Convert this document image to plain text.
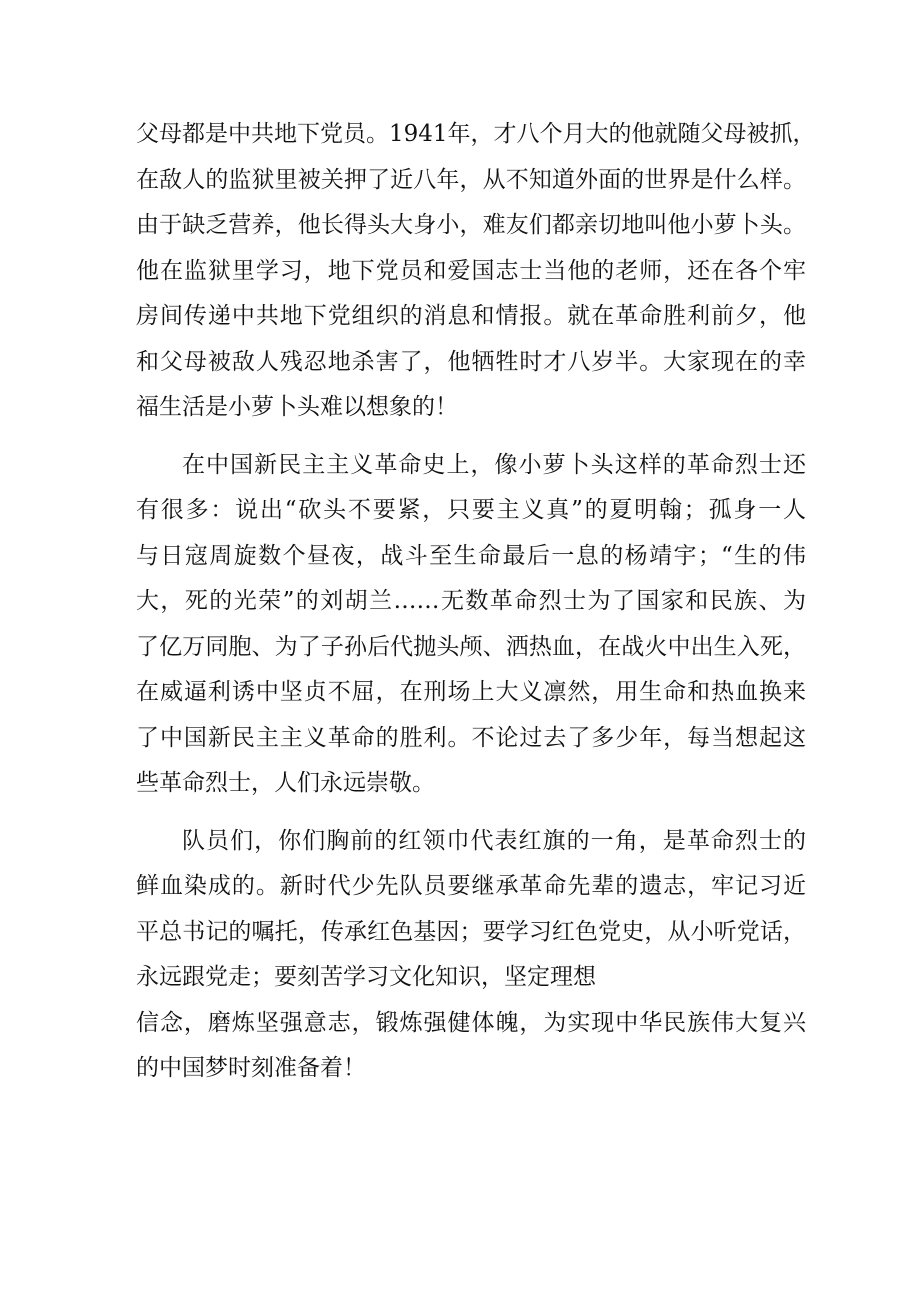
父母都是中共地下党员。1941年，才八个月大的他就随父母被抓，
在敌人的监狱里被关押了近八年，从不知道外面的世界是什么样。
由于缺乏营养，他长得头大身小，难友们都亲切地叫他小萝卜头。
他在监狱里学习，地下党员和爱国志士当他的老师，还在各个牢
房间传递中共地下党组织的消息和情报。就在革命胜利前夕，他
和父母被敌人残忍地杀害了，他牺牲时才八岁半。大家现在的幸
福生活是小萝卜头难以想象的！
在中国新民主主义革命史上，像小萝卜头这样的革命烈士还
有很多：说出“砍头不要紧，只要主义真”的夏明翰；孤身一人
与日寇周旋数个昼夜，战斗至生命最后一息的杨靖宇；“生的伟
大，死的光荣”的刘胡兰……无数革命烈士为了国家和民族、为
了亿万同胞、为了子孙后代抛头颅、洒热血，在战火中出生入死，
在威逼利诱中坚贞不屈，在刑场上大义凛然，用生命和热血换来
了中国新民主主义革命的胜利。不论过去了多少年，每当想起这
些革命烈士，人们永远崇敬。
队员们，你们胸前的红领巾代表红旗的一角，是革命烈士的
鲜血染成的。新时代少先队员要继承革命先辈的遗志，牢记习近
平总书记的嘱托，传承红色基因；要学习红色党史，从小听党话，
永远跟党走；要刻苦学习文化知识，坚定理想
信念，磨炼坚强意志，锻炼强健体魄，为实现中华民族伟大复兴
的中国梦时刻准备着！
